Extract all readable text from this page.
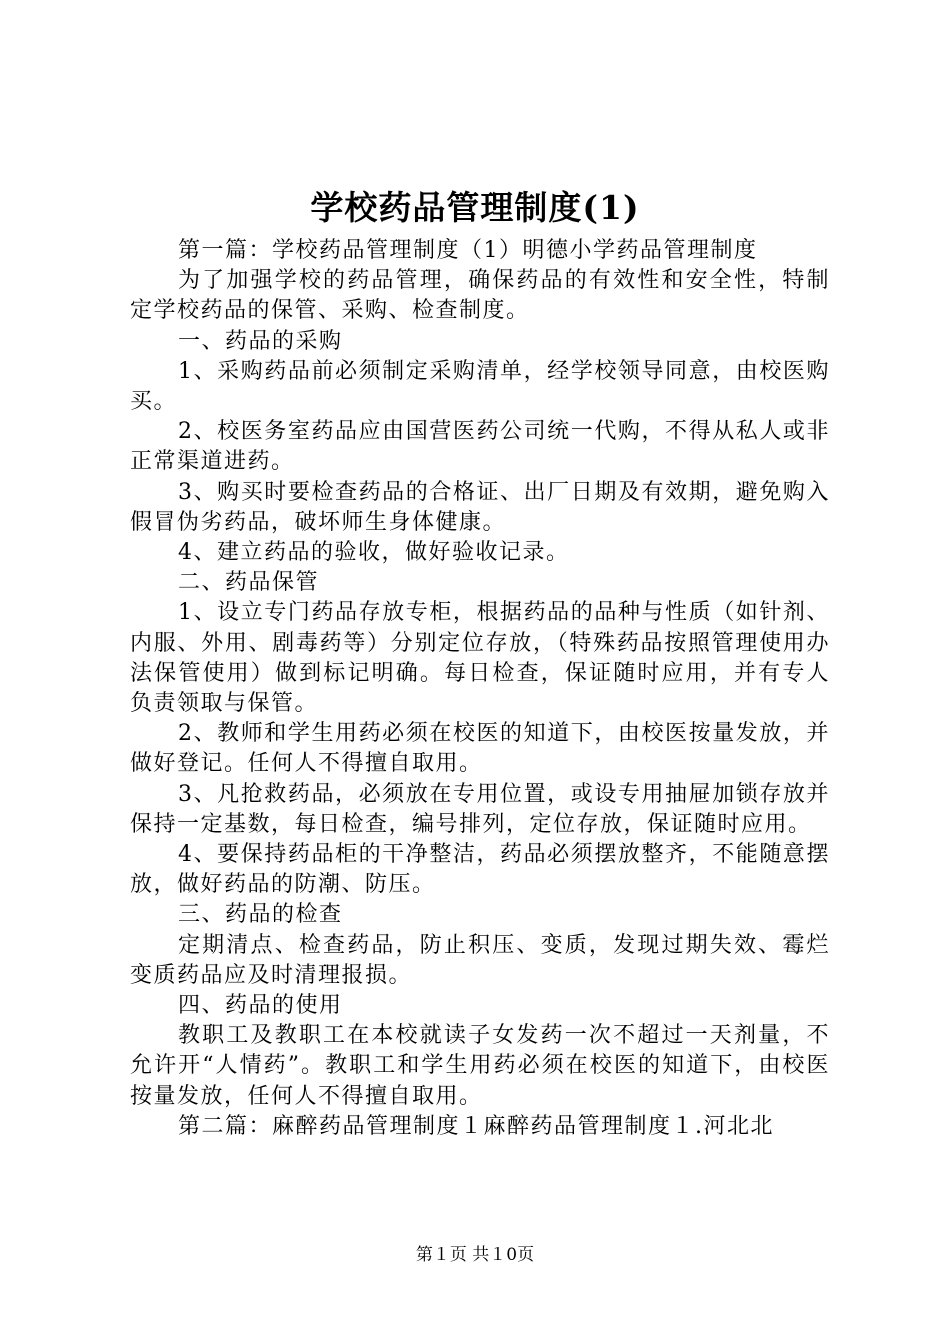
学校药品管理制度(1)

第一篇：学校药品管理制度（1）明德小学药品管理制度

为了加强学校的药品管理，确保药品的有效性和安全性，特制定学校药品的保管、采购、检查制度。

一、药品的采购

1、采购药品前必须制定采购清单，经学校领导同意，由校医购买。

2、校医务室药品应由国营医药公司统一代购，不得从私人或非正常渠道进药。

3、购买时要检查药品的合格证、出厂日期及有效期，避免购入假冒伪劣药品，破坏师生身体健康。

4、建立药品的验收，做好验收记录。

二、药品保管

1、设立专门药品存放专柜，根据药品的品种与性质（如针剂、内服、外用、剧毒药等）分别定位存放，（特殊药品按照管理使用办法保管使用）做到标记明确。每日检查，保证随时应用，并有专人负责领取与保管。

2、教师和学生用药必须在校医的知道下，由校医按量发放，并做好登记。任何人不得擅自取用。

3、凡抢救药品，必须放在专用位置，或设专用抽屉加锁存放并保持一定基数，每日检查，编号排列，定位存放，保证随时应用。

4、要保持药品柜的干净整洁，药品必须摆放整齐，不能随意摆放，做好药品的防潮、防压。

三、药品的检查

定期清点、检查药品，防止积压、变质，发现过期失效、霉烂变质药品应及时清理报损。

四、药品的使用

教职工及教职工在本校就读子女发药一次不超过一天剂量，不允许开“人情药”。教职工和学生用药必须在校医的知道下，由校医按量发放，任何人不得擅自取用。

第二篇：麻醉药品管理制度１麻醉药品管理制度１.河北北

第１页 共１0页
